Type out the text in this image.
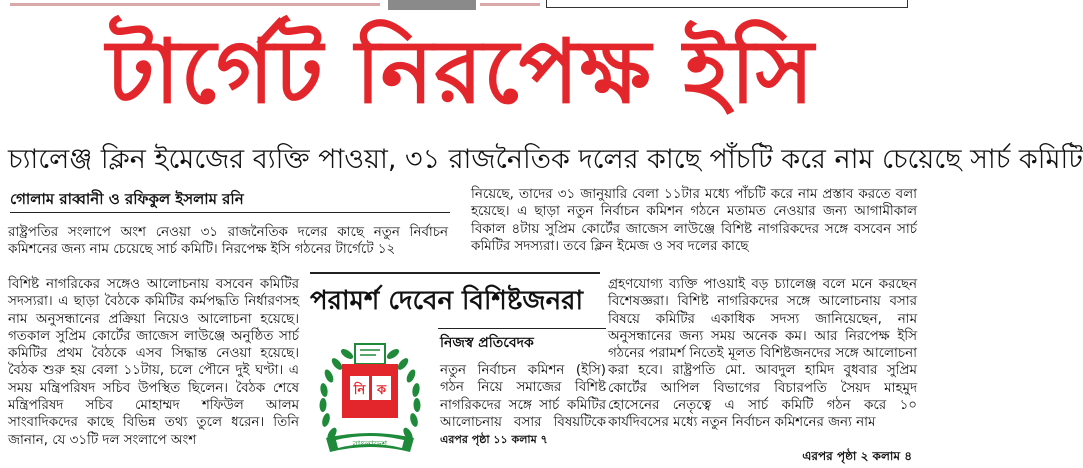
টার্গেট নিরপেক্ষ ইসি
চ্যালেঞ্জ ক্লিন ইমেজের ব্যক্তি পাওয়া, ৩১ রাজনৈতিক দলের কাছে পাঁচটি করে নাম চেয়েছে সার্চ কমিটি
গোলাম রাব্বানী ও রফিকুল ইসলাম রনি
রাষ্ট্রপতির সংলাপে অংশ নেওয়া ৩১ রাজনৈতিক দলের কাছে নতুন নির্বাচন কমিশনের জন্য নাম চেয়েছে সার্চ কমিটি। নিরপেক্ষ ইসি গঠনের টার্গেটে ১২
বিশিষ্ট নাগরিকের সঙ্গেও আলোচনায় বসবেন কমিটির সদস্যরা। এ ছাড়া বৈঠকে কমিটির কর্মপদ্ধতি নির্ধারণসহ নাম অনুসন্ধানের প্রক্রিয়া নিয়েও আলোচনা হয়েছে। গতকাল সুপ্রিম কোর্টের জাজেস লাউঞ্জে অনুষ্ঠিত সার্চ কমিটির প্রথম বৈঠকে এসব সিদ্ধান্ত নেওয়া হয়েছে। বৈঠক শুরু হয় বেলা ১১টায়, চলে পৌনে দুই ঘণ্টা। এ সময় মন্ত্রিপরিষদ সচিব উপস্থিত ছিলেন। বৈঠক শেষে মন্ত্রিপরিষদ সচিব মোহাম্মদ শফিউল আলম সাংবাদিকদের কাছে বিভিন্ন তথ্য তুলে ধরেন। তিনি জানান, যে ৩১টি দল সংলাপে অংশ
নিয়েছে, তাদের ৩১ জানুয়ারি বেলা ১১টার মধ্যে পাঁচটি করে নাম প্রস্তাব করতে বলা হয়েছে। এ ছাড়া নতুন নির্বাচন কমিশন গঠনে মতামত নেওয়ার জন্য আগামীকাল বিকাল ৪টায় সুপ্রিম কোর্টের জাজেস লাউঞ্জে বিশিষ্ট নাগরিকদের সঙ্গে বসবেন সার্চ কমিটির সদস্যরা। তবে ক্লিন ইমেজ ও সব দলের কাছে
গ্রহণযোগ্য ব্যক্তি পাওয়াই বড় চ্যালেঞ্জ বলে মনে করছেন বিশেষজ্ঞরা। বিশিষ্ট নাগরিকদের সঙ্গে আলোচনায় বসার বিষয়ে কমিটির একাধিক সদস্য জানিয়েছেন, নাম অনুসন্ধানের জন্য সময় অনেক কম। আর নিরপেক্ষ ইসি গঠনের পরামর্শ নিতেই মূলত বিশিষ্টজনদের সঙ্গে আলোচনা করা হবে। রাষ্ট্রপতি মো. আবদুল হামিদ বুধবার সুপ্রিম কোর্টের আপিল বিভাগের বিচারপতি সৈয়দ মাহমুদ হোসেনের নেতৃত্বে এ সার্চ কমিটি গঠন করে ১০ কার্যদিবসের মধ্যে নতুন নির্বাচন কমিশনের জন্য নাম
এরপর পৃষ্ঠা ২ কলাম ৪
পরামর্শ দেবেন বিশিষ্টজনরা
নি ক
বাংলাদেশ
নিজস্ব প্রতিবেদক
নতুন নির্বাচন কমিশন (ইসি) গঠন নিয়ে সমাজের বিশিষ্ট নাগরিকদের সঙ্গে সার্চ কমিটির আলোচনায় বসার বিষয়টিকে এরপর পৃষ্ঠা ১১ কলাম ৭
